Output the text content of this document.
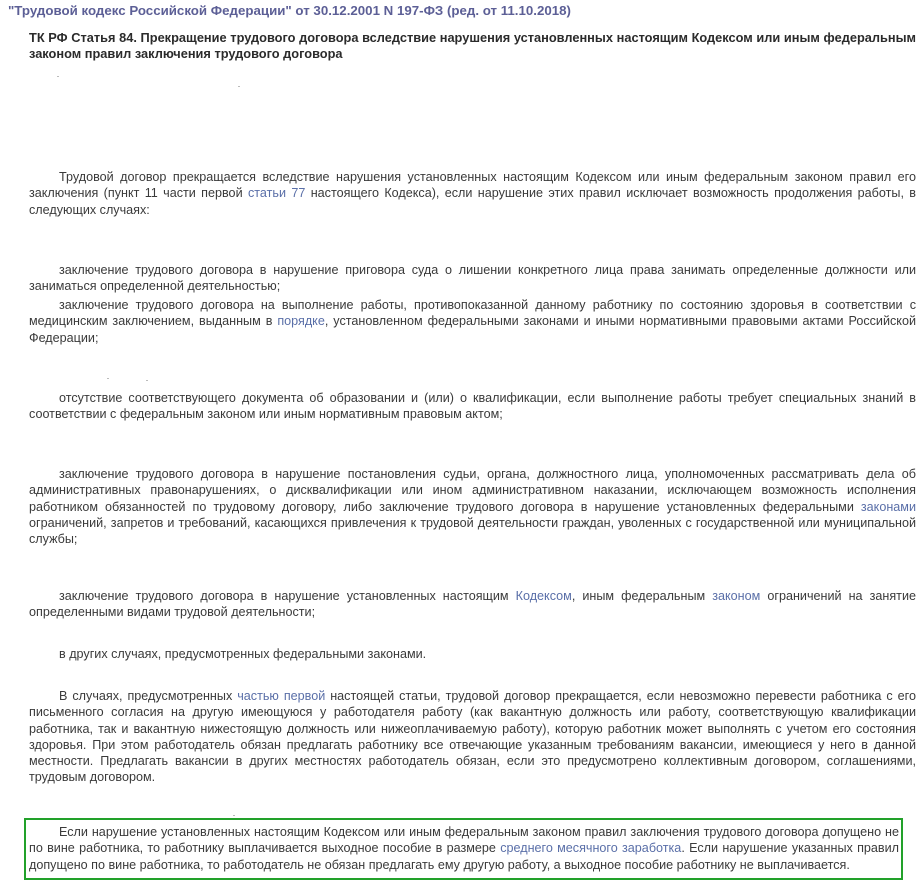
"Трудовой кодекс Российской Федерации" от 30.12.2001 N 197-ФЗ (ред. от 11.10.2018)
ТК РФ Статья 84. Прекращение трудового договора вследствие нарушения установленных настоящим Кодексом или иным федеральным законом правил заключения трудового договора

Трудовой договор прекращается вследствие нарушения установленных настоящим Кодексом или иным федеральным законом правил его заключения (пункт 11 части первой статьи 77 настоящего Кодекса), если нарушение этих правил исключает возможность продолжения работы, в следующих случаях:

заключение трудового договора в нарушение приговора суда о лишении конкретного лица права занимать определенные должности или заниматься определенной деятельностью;

заключение трудового договора на выполнение работы, противопоказанной данному работнику по состоянию здоровья в соответствии с медицинским заключением, выданным в порядке, установленном федеральными законами и иными нормативными правовыми актами Российской Федерации;

отсутствие соответствующего документа об образовании и (или) о квалификации, если выполнение работы требует специальных знаний в соответствии с федеральным законом или иным нормативным правовым актом;

заключение трудового договора в нарушение постановления судьи, органа, должностного лица, уполномоченных рассматривать дела об административных правонарушениях, о дисквалификации или ином административном наказании, исключающем возможность исполнения работником обязанностей по трудовому договору, либо заключение трудового договора в нарушение установленных федеральными законами ограничений, запретов и требований, касающихся привлечения к трудовой деятельности граждан, уволенных с государственной или муниципальной службы;

заключение трудового договора в нарушение установленных настоящим Кодексом, иным федеральным законом ограничений на занятие определенными видами трудовой деятельности;

в других случаях, предусмотренных федеральными законами.

В случаях, предусмотренных частью первой настоящей статьи, трудовой договор прекращается, если невозможно перевести работника с его письменного согласия на другую имеющуюся у работодателя работу (как вакантную должность или работу, соответствующую квалификации работника, так и вакантную нижестоящую должность или нижеоплачиваемую работу), которую работник может выполнять с учетом его состояния здоровья. При этом работодатель обязан предлагать работнику все отвечающие указанным требованиям вакансии, имеющиеся у него в данной местности. Предлагать вакансии в других местностях работодатель обязан, если это предусмотрено коллективным договором, соглашениями, трудовым договором.

Если нарушение установленных настоящим Кодексом или иным федеральным законом правил заключения трудового договора допущено не по вине работника, то работнику выплачивается выходное пособие в размере среднего месячного заработка. Если нарушение указанных правил допущено по вине работника, то работодатель не обязан предлагать ему другую работу, а выходное пособие работнику не выплачивается.
